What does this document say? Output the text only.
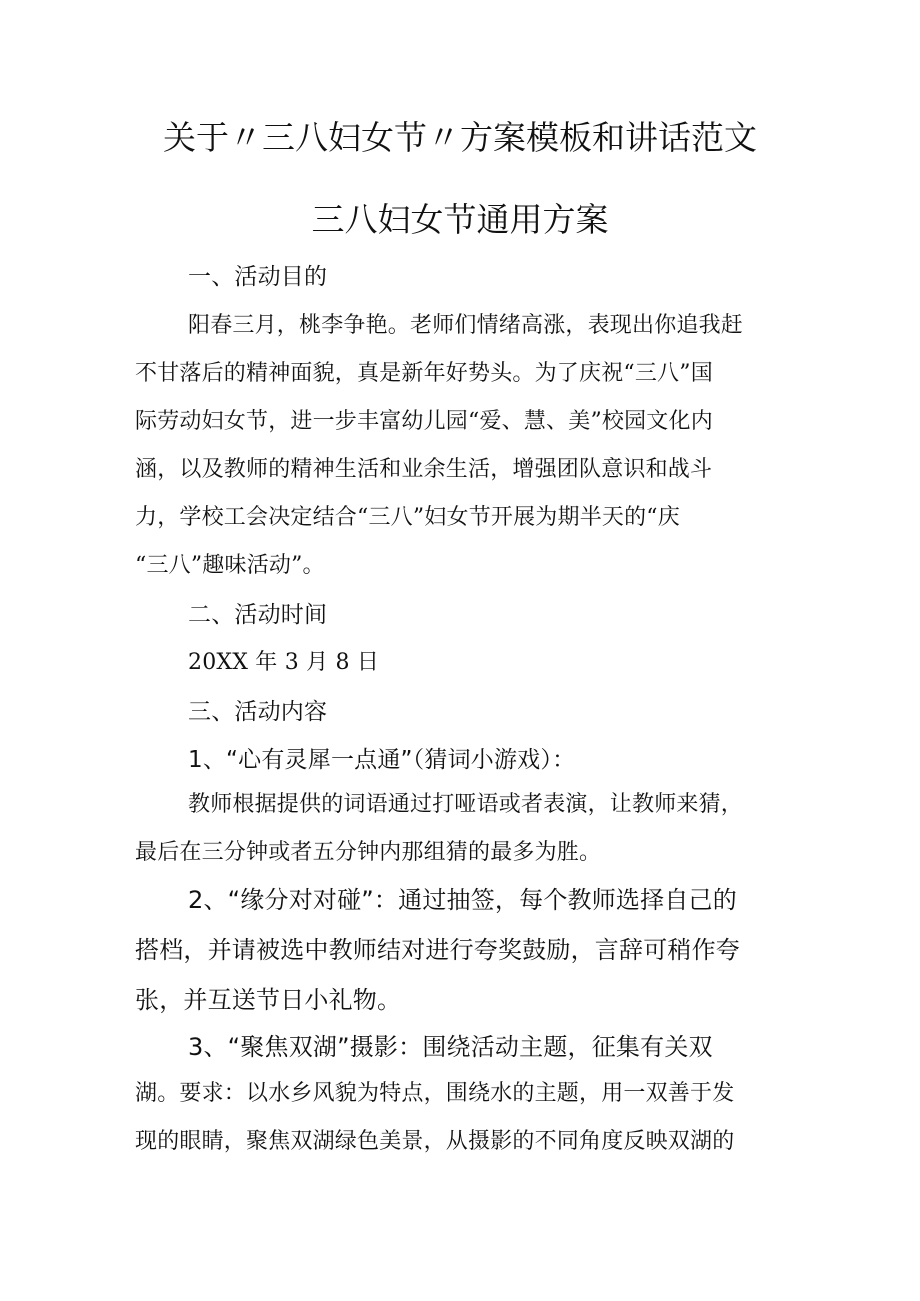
关于〃三八妇女节〃方案模板和讲话范文
三八妇女节通用方案
一、活动目的
阳春三月，桃李争艳。老师们情绪高涨，表现出你追我赶
不甘落后的精神面貌，真是新年好势头。为了庆祝“三八”国
际劳动妇女节，进一步丰富幼儿园“爱、慧、美”校园文化内
涵，以及教师的精神生活和业余生活，增强团队意识和战斗
力，学校工会决定结合“三八”妇女节开展为期半天的“庆
“三八”趣味活动”。
二、活动时间
20XX 年 3 月 8 日
三、活动内容
1、“心有灵犀一点通”（猜词小游戏）：
教师根据提供的词语通过打哑语或者表演，让教师来猜，
最后在三分钟或者五分钟内那组猜的最多为胜。
2、“缘分对对碰”：通过抽签，每个教师选择自己的
搭档，并请被选中教师结对进行夸奖鼓励，言辞可稍作夸
张，并互送节日小礼物。
3、“聚焦双湖”摄影：围绕活动主题，征集有关双
湖。要求：以水乡风貌为特点，围绕水的主题，用一双善于发
现的眼睛，聚焦双湖绿色美景，从摄影的不同角度反映双湖的
